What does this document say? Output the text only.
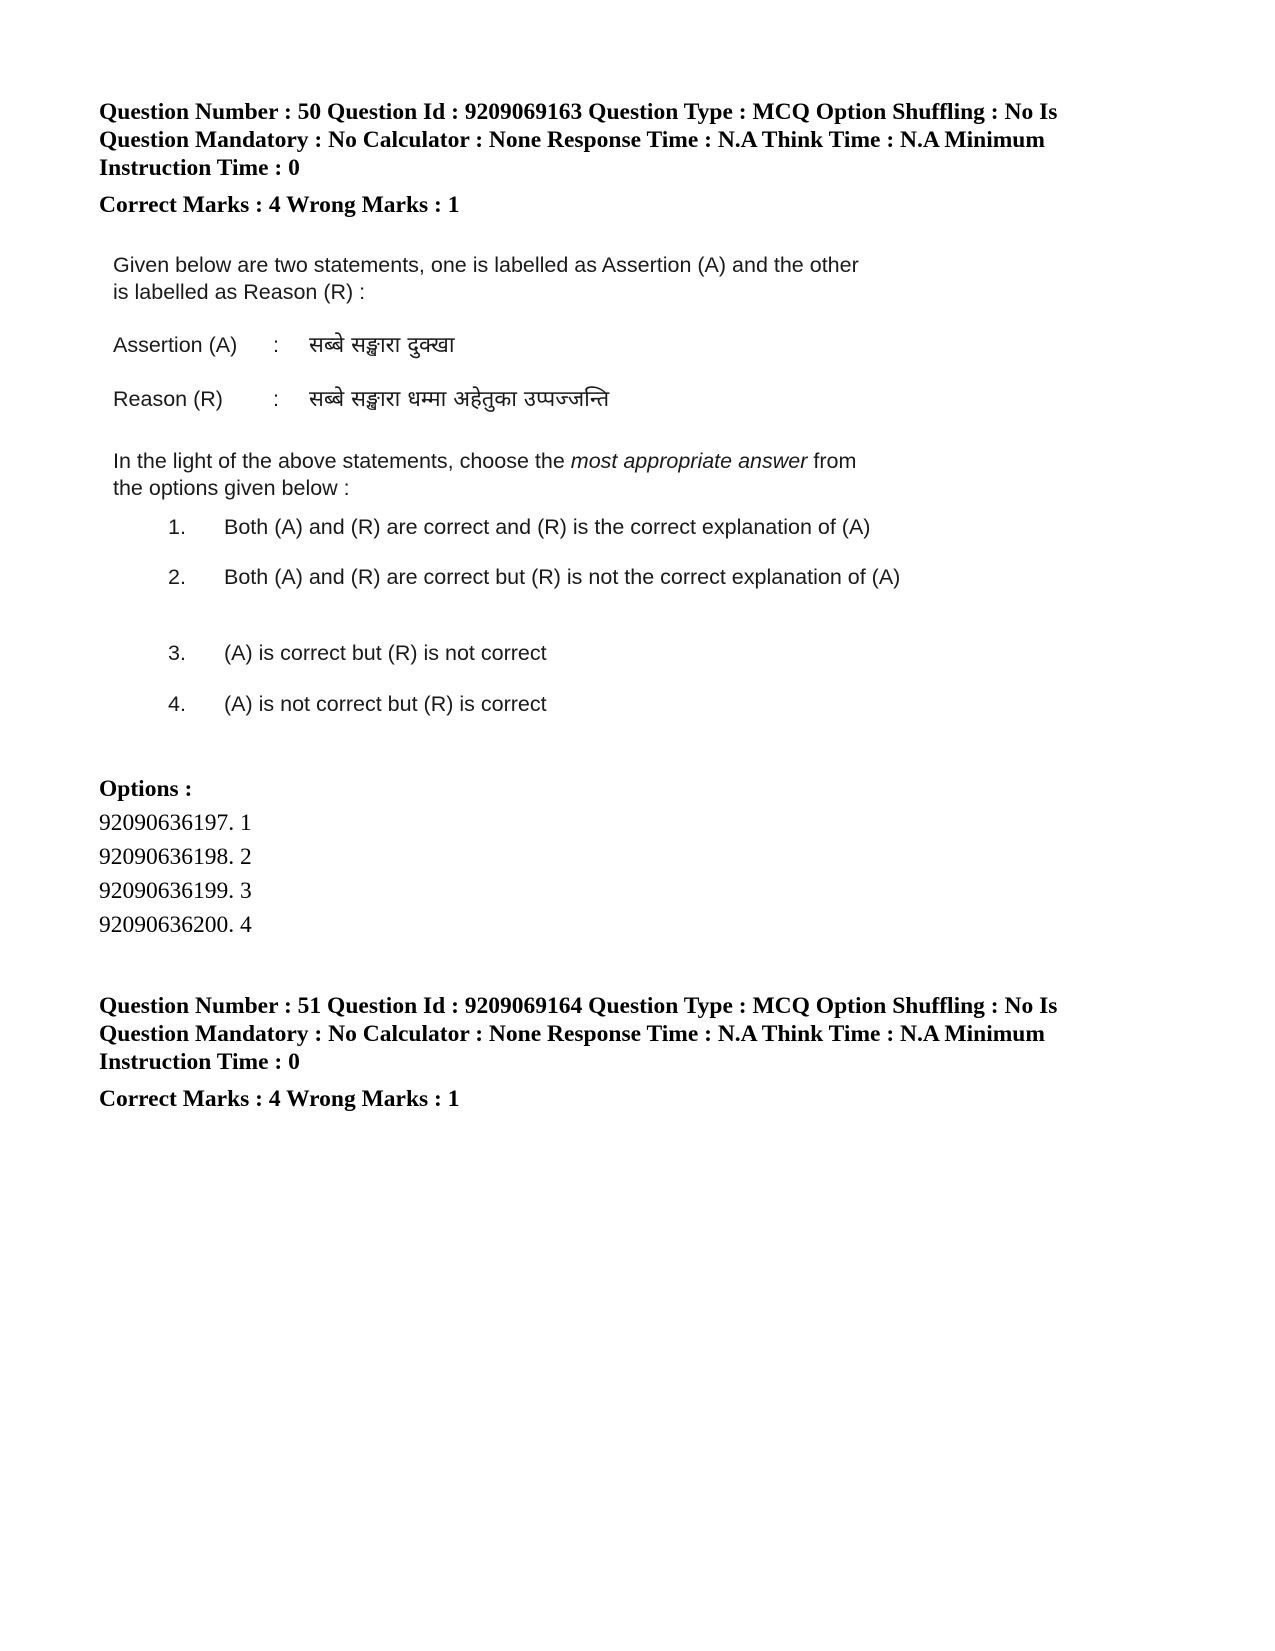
Question Number : 50 Question Id : 9209069163 Question Type : MCQ Option Shuffling : No Is
Question Mandatory : No Calculator : None Response Time : N.A Think Time : N.A Minimum
Instruction Time : 0
Correct Marks : 4 Wrong Marks : 1

Given below are two statements, one is labelled as Assertion (A) and the other

is labelled as Reason (R) :

Assertion (A)	:	सब्बे सङ्खारा दुक्खा
Reason (R)	:	सब्बे सङ्खारा धम्मा अहेतुका उप्पज्जन्ति

In the light of the above statements, choose the most appropriate answer from

the options given below :

1.	Both (A) and (R) are correct and (R) is the correct explanation of (A)
2.	Both (A) and (R) are correct but (R) is not the correct explanation of (A)
3.	(A) is correct but (R) is not correct
4.	(A) is not correct but (R) is correct
Options :
92090636197. 1
92090636198. 2
92090636199. 3
92090636200. 4
Question Number : 51 Question Id : 9209069164 Question Type : MCQ Option Shuffling : No Is
Question Mandatory : No Calculator : None Response Time : N.A Think Time : N.A Minimum
Instruction Time : 0
Correct Marks : 4 Wrong Marks : 1
